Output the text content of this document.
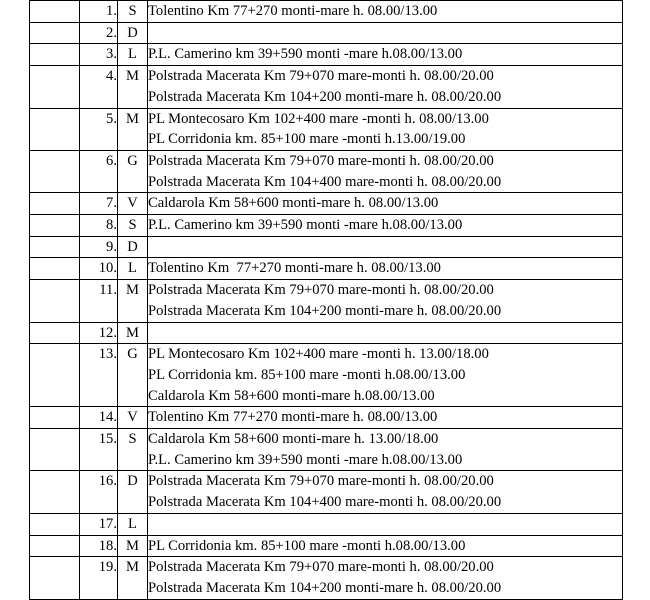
	1.	S	Tolentino Km 77+270 monti-mare h. 08.00/13.00

	2.	D	

	3.	L	P.L. Camerino km 39+590 monti -mare h.08.00/13.00

	4.	M	Polstrada Macerata Km 79+070 mare-monti h. 08.00/20.00
Polstrada Macerata Km 104+200 monti-mare h. 08.00/20.00

	5.	M	PL Montecosaro Km 102+400 mare -monti h. 08.00/13.00
PL Corridonia km. 85+100 mare -monti h.13.00/19.00

	6.	G	Polstrada Macerata Km 79+070 mare-monti h. 08.00/20.00
Polstrada Macerata Km 104+400 mare-monti h. 08.00/20.00

	7.	V	Caldarola Km 58+600 monti-mare h. 08.00/13.00

	8.	S	P.L. Camerino km 39+590 monti -mare h.08.00/13.00

	9.	D	

	10.	L	Tolentino Km  77+270 monti-mare h. 08.00/13.00

	11.	M	Polstrada Macerata Km 79+070 mare-monti h. 08.00/20.00
Polstrada Macerata Km 104+200 monti-mare h. 08.00/20.00

	12.	M	

	13.	G	PL Montecosaro Km 102+400 mare -monti h. 13.00/18.00
PL Corridonia km. 85+100 mare -monti h.08.00/13.00
Caldarola Km 58+600 monti-mare h.08.00/13.00

	14.	V	Tolentino Km 77+270 monti-mare h. 08.00/13.00

	15.	S	Caldarola Km 58+600 monti-mare h. 13.00/18.00
P.L. Camerino km 39+590 monti -mare h.08.00/13.00

	16.	D	Polstrada Macerata Km 79+070 mare-monti h. 08.00/20.00
Polstrada Macerata Km 104+400 mare-monti h. 08.00/20.00

	17.	L	

	18.	M	PL Corridonia km. 85+100 mare -monti h.08.00/13.00

	19.	M	Polstrada Macerata Km 79+070 mare-monti h. 08.00/20.00
Polstrada Macerata Km 104+200 monti-mare h. 08.00/20.00
